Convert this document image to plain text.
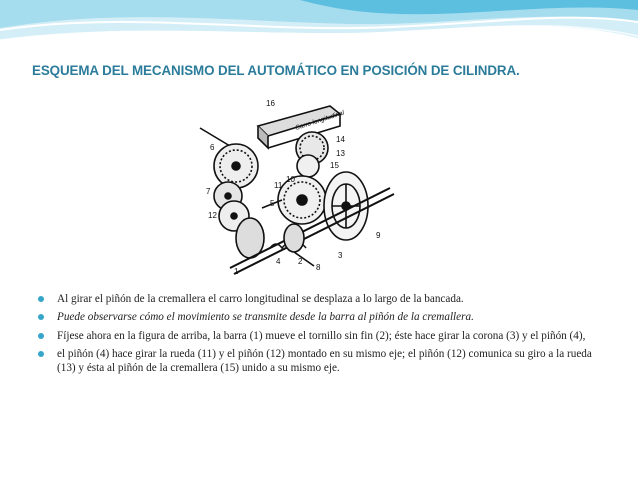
ESQUEMA DEL MECANISMO DEL AUTOMÁTICO EN POSICIÓN DE CILINDRA.
Carro longitudinal
16
14
13
6
10
11
7
12
15
5
9
3
8
2
4
1
Al girar el piñón de la cremallera el carro longitudinal se desplaza a lo largo de la bancada.
Puede observarse cómo el movimiento se transmite desde la barra al piñón de la cremallera.
Fíjese ahora en la figura de arriba, la barra (1) mueve el tornillo sin fin (2); éste hace girar la corona (3) y el piñón (4),
el piñón (4) hace girar la rueda (11) y el piñón (12) montado en su mismo eje; el piñón (12) comunica su giro a la rueda (13) y ésta al piñón de la cremallera (15) unido a su mismo eje.
